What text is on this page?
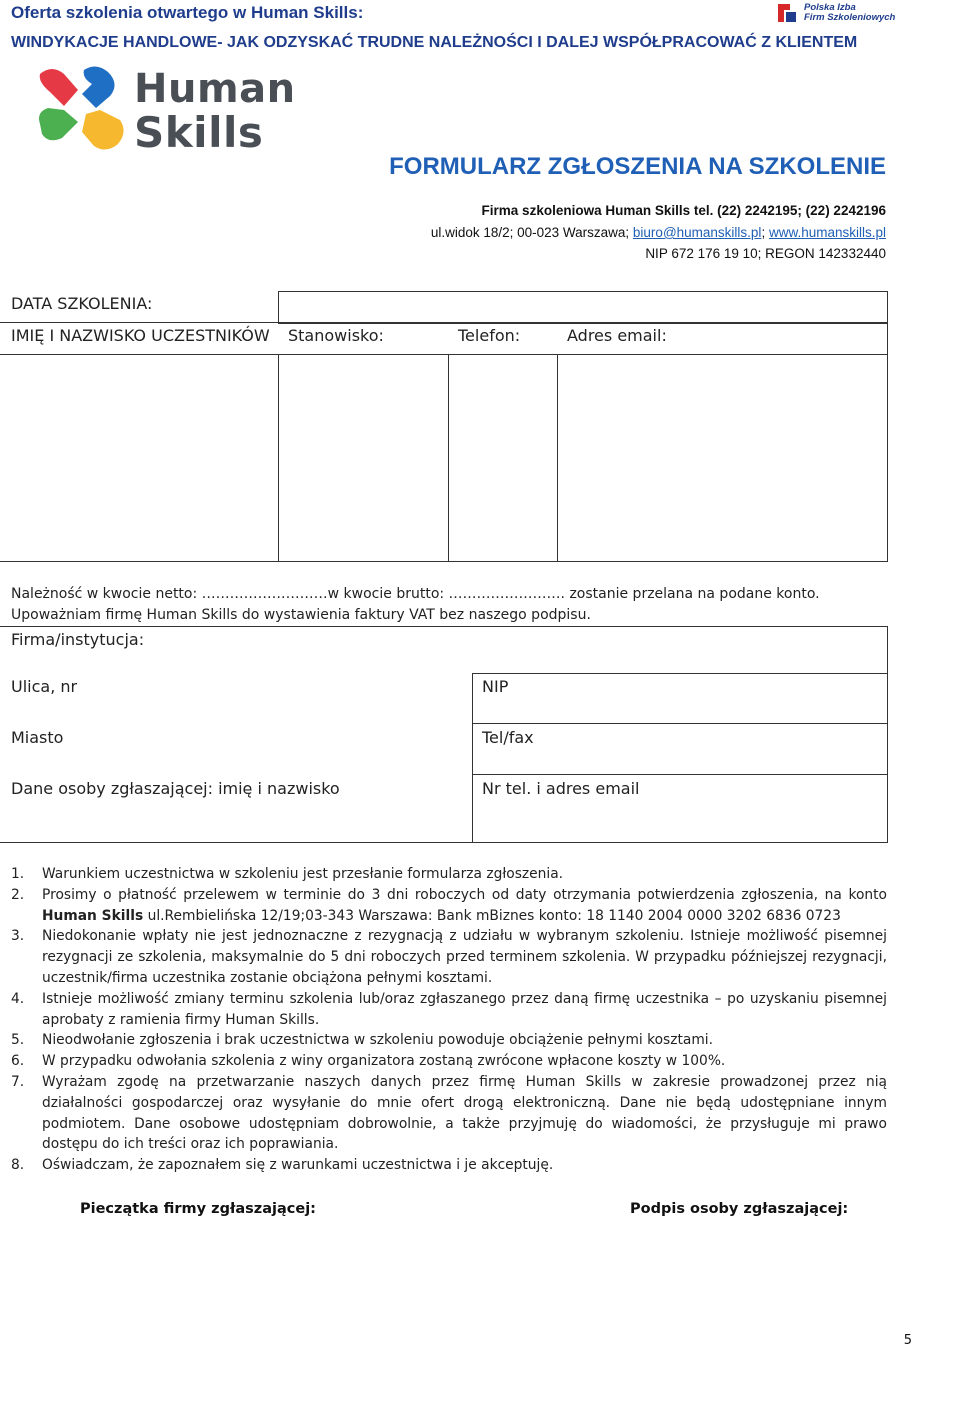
Oferta szkolenia otwartego w Human Skills:
WINDYKACJE HANDLOWE- JAK ODZYSKAĆ TRUDNE NALEŻNOŚCI I DALEJ WSPÓŁPRACOWAĆ Z KLIENTEM
Polska Izba
Firm Szkoleniowych
Human
Skills
FORMULARZ ZGŁOSZENIA NA SZKOLENIE
Firma szkoleniowa Human Skills tel. (22) 2242195; (22) 2242196
ul.widok 18/2; 00-023 Warszawa; biuro@humanskills.pl; www.humanskills.pl
NIP 672 176 19 10; REGON 142332440
DATA SZKOLENIA:
IMIĘ I NAZWISKO UCZESTNIKÓW Stanowisko:	Telefon:	Adres email:
Należność w kwocie netto: ………………………w kwocie brutto: ……………………. zostanie przelana na podane konto.
Upoważniam firmę Human Skills do wystawienia faktury VAT bez naszego podpisu.
Firma/instytucja:
Ulica, nr	NIP
Miasto	Tel/fax
Dane osoby zgłaszającej: imię i nazwisko	Nr tel. i adres email
1.	Warunkiem uczestnictwa w szkoleniu jest przesłanie formularza zgłoszenia.
2.	Prosimy o płatność przelewem w terminie do 3 dni roboczych od daty otrzymania potwierdzenia zgłoszenia, na konto Human Skills ul.Rembielińska 12/19;03-343 Warszawa: Bank mBiznes konto: 18 1140 2004 0000 3202 6836 0723
3.	Niedokonanie wpłaty nie jest jednoznaczne z rezygnacją z udziału w wybranym szkoleniu. Istnieje możliwość pisemnej rezygnacji ze szkolenia, maksymalnie do 5 dni roboczych przed terminem szkolenia. W przypadku późniejszej rezygnacji, uczestnik/firma uczestnika zostanie obciążona pełnymi kosztami.
4.	Istnieje możliwość zmiany terminu szkolenia lub/oraz zgłaszanego przez daną firmę uczestnika – po uzyskaniu pisemnej aprobaty z ramienia firmy Human Skills.
5.	Nieodwołanie zgłoszenia i brak uczestnictwa w szkoleniu powoduje obciążenie pełnymi kosztami.
6.	W przypadku odwołania szkolenia z winy organizatora zostaną zwrócone wpłacone koszty w 100%.
7.	Wyrażam zgodę na przetwarzanie naszych danych przez firmę Human Skills w zakresie prowadzonej przez nią działalności gospodarczej oraz wysyłanie do mnie ofert drogą elektroniczną. Dane nie będą udostępniane innym podmiotem. Dane osobowe udostępniam dobrowolnie, a także przyjmuję do wiadomości, że przysługuje mi prawo dostępu do ich treści oraz ich poprawiania.
8.	Oświadczam, że zapoznałem się z warunkami uczestnictwa i je akceptuję.
Pieczątka firmy zgłaszającej:	Podpis osoby zgłaszającej:
5
